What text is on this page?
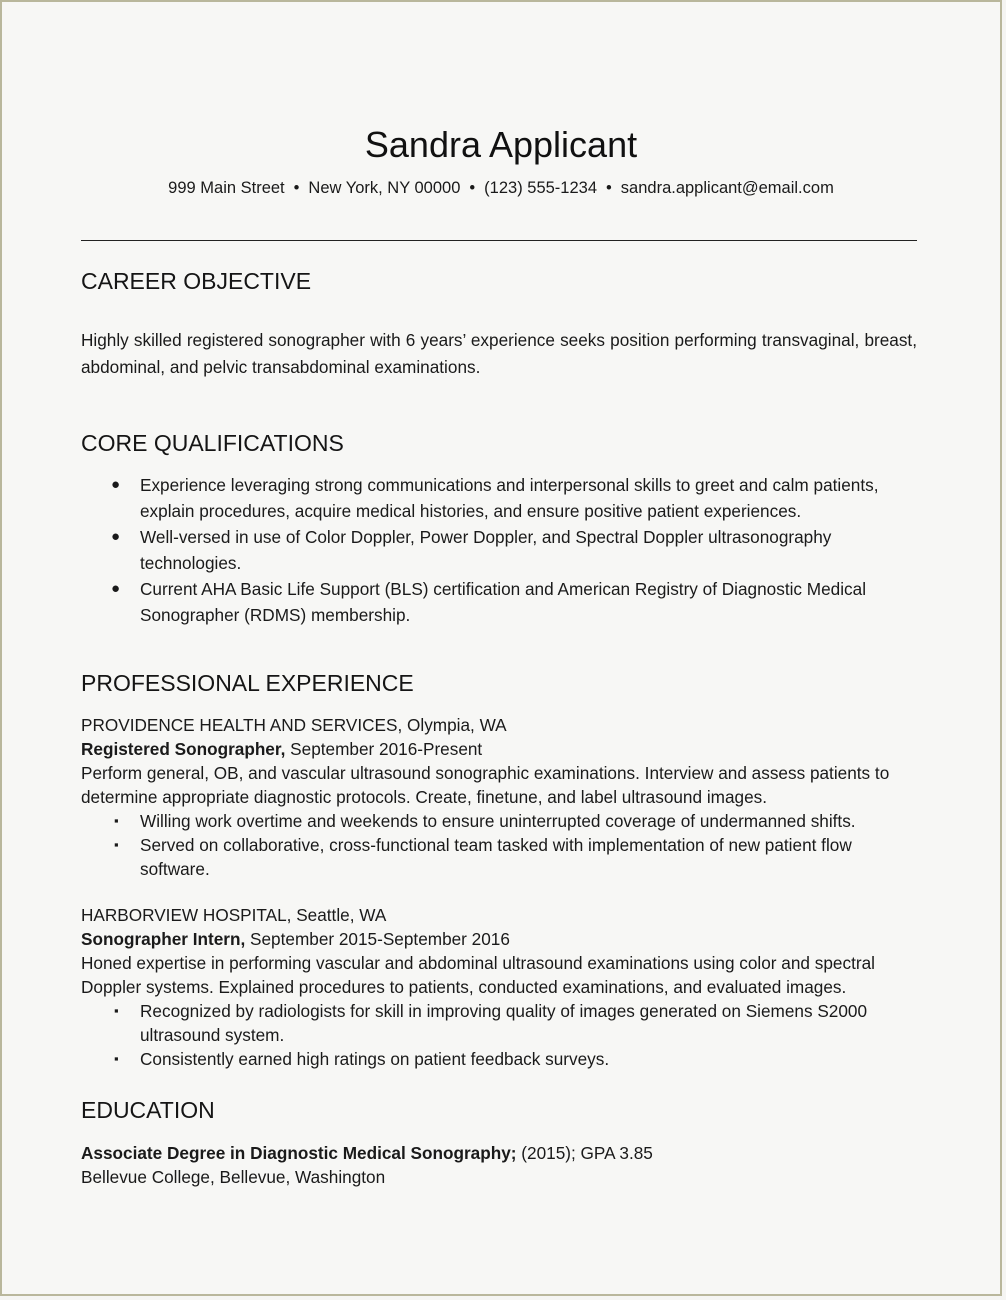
Sandra Applicant
999 Main Street • New York, NY 00000 • (123) 555-1234 • sandra.applicant@email.com
CAREER OBJECTIVE
Highly skilled registered sonographer with 6 years’ experience seeks position performing transvaginal, breast, abdominal, and pelvic transabdominal examinations.
CORE QUALIFICATIONS
● Experience leveraging strong communications and interpersonal skills to greet and calm patients, explain procedures, acquire medical histories, and ensure positive patient experiences.
● Well-versed in use of Color Doppler, Power Doppler, and Spectral Doppler ultrasonography technologies.
● Current AHA Basic Life Support (BLS) certification and American Registry of Diagnostic Medical Sonographer (RDMS) membership.
PROFESSIONAL EXPERIENCE
PROVIDENCE HEALTH AND SERVICES, Olympia, WA
Registered Sonographer, September 2016-Present
Perform general, OB, and vascular ultrasound sonographic examinations. Interview and assess patients to determine appropriate diagnostic protocols. Create, finetune, and label ultrasound images.
▪ Willing work overtime and weekends to ensure uninterrupted coverage of undermanned shifts.
▪ Served on collaborative, cross-functional team tasked with implementation of new patient flow software.
HARBORVIEW HOSPITAL, Seattle, WA
Sonographer Intern, September 2015-September 2016
Honed expertise in performing vascular and abdominal ultrasound examinations using color and spectral Doppler systems. Explained procedures to patients, conducted examinations, and evaluated images.
▪ Recognized by radiologists for skill in improving quality of images generated on Siemens S2000 ultrasound system.
▪ Consistently earned high ratings on patient feedback surveys.
EDUCATION
Associate Degree in Diagnostic Medical Sonography; (2015); GPA 3.85
Bellevue College, Bellevue, Washington
